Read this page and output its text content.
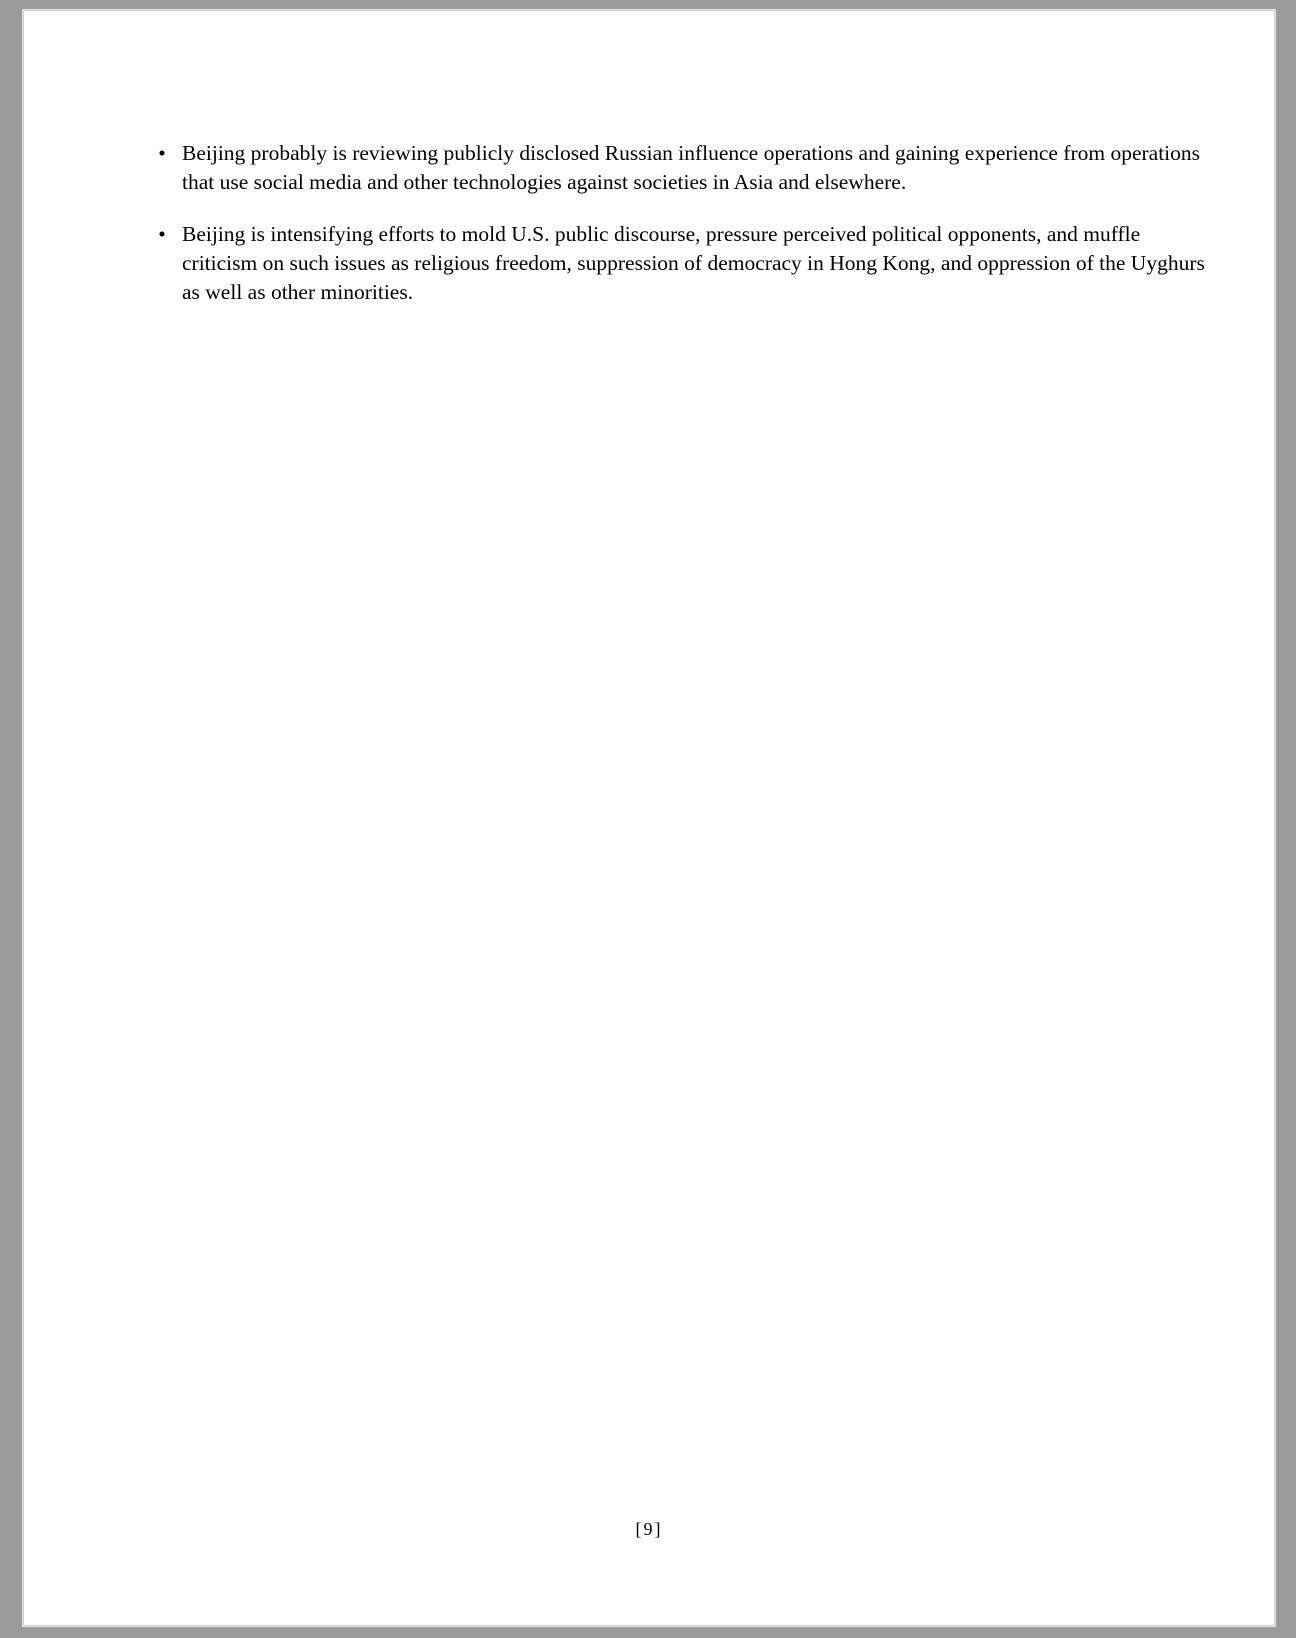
• Beijing probably is reviewing publicly disclosed Russian influence operations and gaining experience from operations that use social media and other technologies against societies in Asia and elsewhere.
• Beijing is intensifying efforts to mold U.S. public discourse, pressure perceived political opponents, and muffle criticism on such issues as religious freedom, suppression of democracy in Hong Kong, and oppression of the Uyghurs as well as other minorities.
[9]
